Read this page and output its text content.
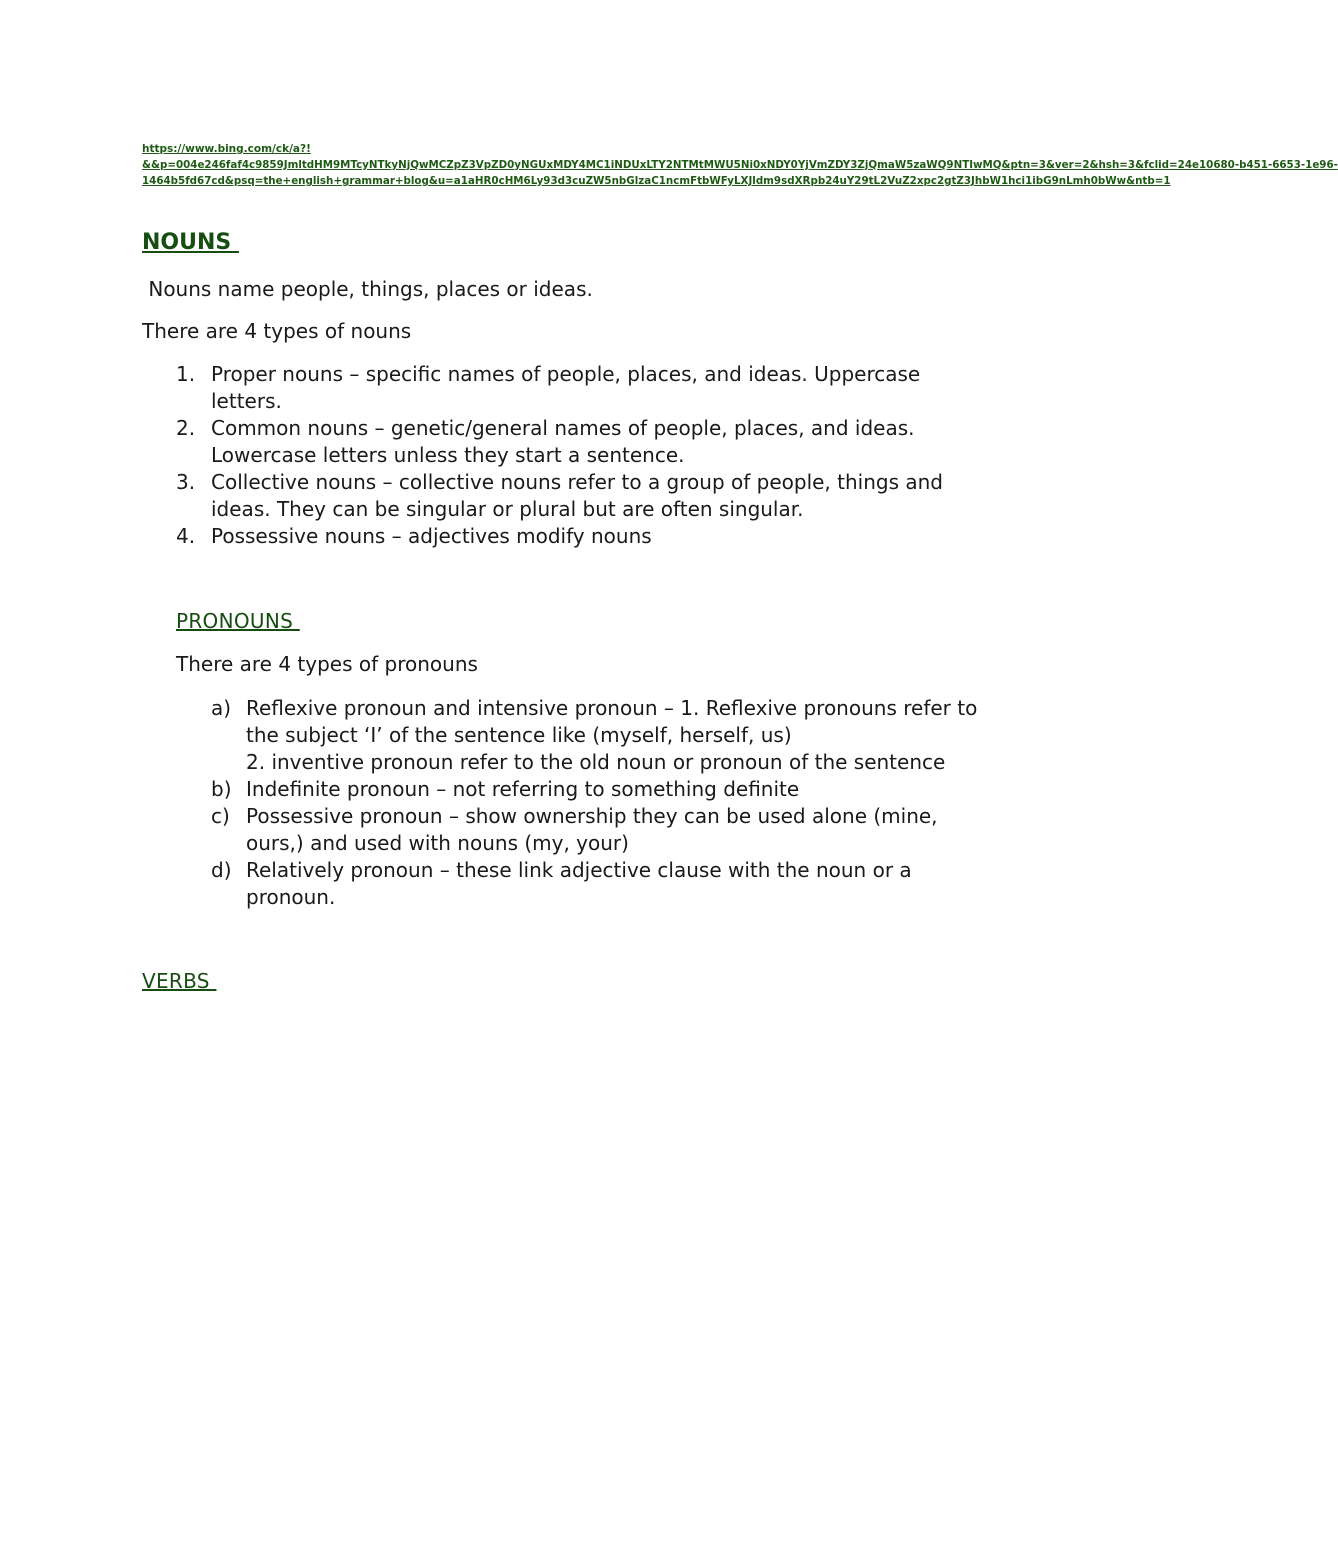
https://www.bing.com/ck/a?!
&&p=004e246faf4c9859JmltdHM9MTcyNTkyNjQwMCZpZ3VpZD0yNGUxMDY4MC1iNDUxLTY2NTMtMWU5Ni0xNDY0YjVmZDY3ZjQmaW5zaWQ9NTIwMQ&ptn=3&ver=2&hsh=3&fclid=24e10680-b451-6653-1e96-
1464b5fd67cd&psq=the+english+grammar+blog&u=a1aHR0cHM6Ly93d3cuZW5nbGlzaC1ncmFtbWFyLXJldm9sdXRpb24uY29tL2VuZ2xpc2gtZ3JhbW1hci1ibG9nLmh0bWw&ntb=1
NOUNS
Nouns name people, things, places or ideas.
There are 4 types of nouns
1. Proper nouns – specific names of people, places, and ideas. Uppercase
letters.
2. Common nouns – genetic/general names of people, places, and ideas.
Lowercase letters unless they start a sentence.
3. Collective nouns – collective nouns refer to a group of people, things and
ideas. They can be singular or plural but are often singular.
4. Possessive nouns – adjectives modify nouns
PRONOUNS
There are 4 types of pronouns
a) Reflexive pronoun and intensive pronoun – 1. Reflexive pronouns refer to
the subject ‘I’ of the sentence like (myself, herself, us)
2. inventive pronoun refer to the old noun or pronoun of the sentence
b) Indefinite pronoun – not referring to something definite
c) Possessive pronoun – show ownership they can be used alone (mine,
ours,) and used with nouns (my, your)
d) Relatively pronoun – these link adjective clause with the noun or a
pronoun.
VERBS
